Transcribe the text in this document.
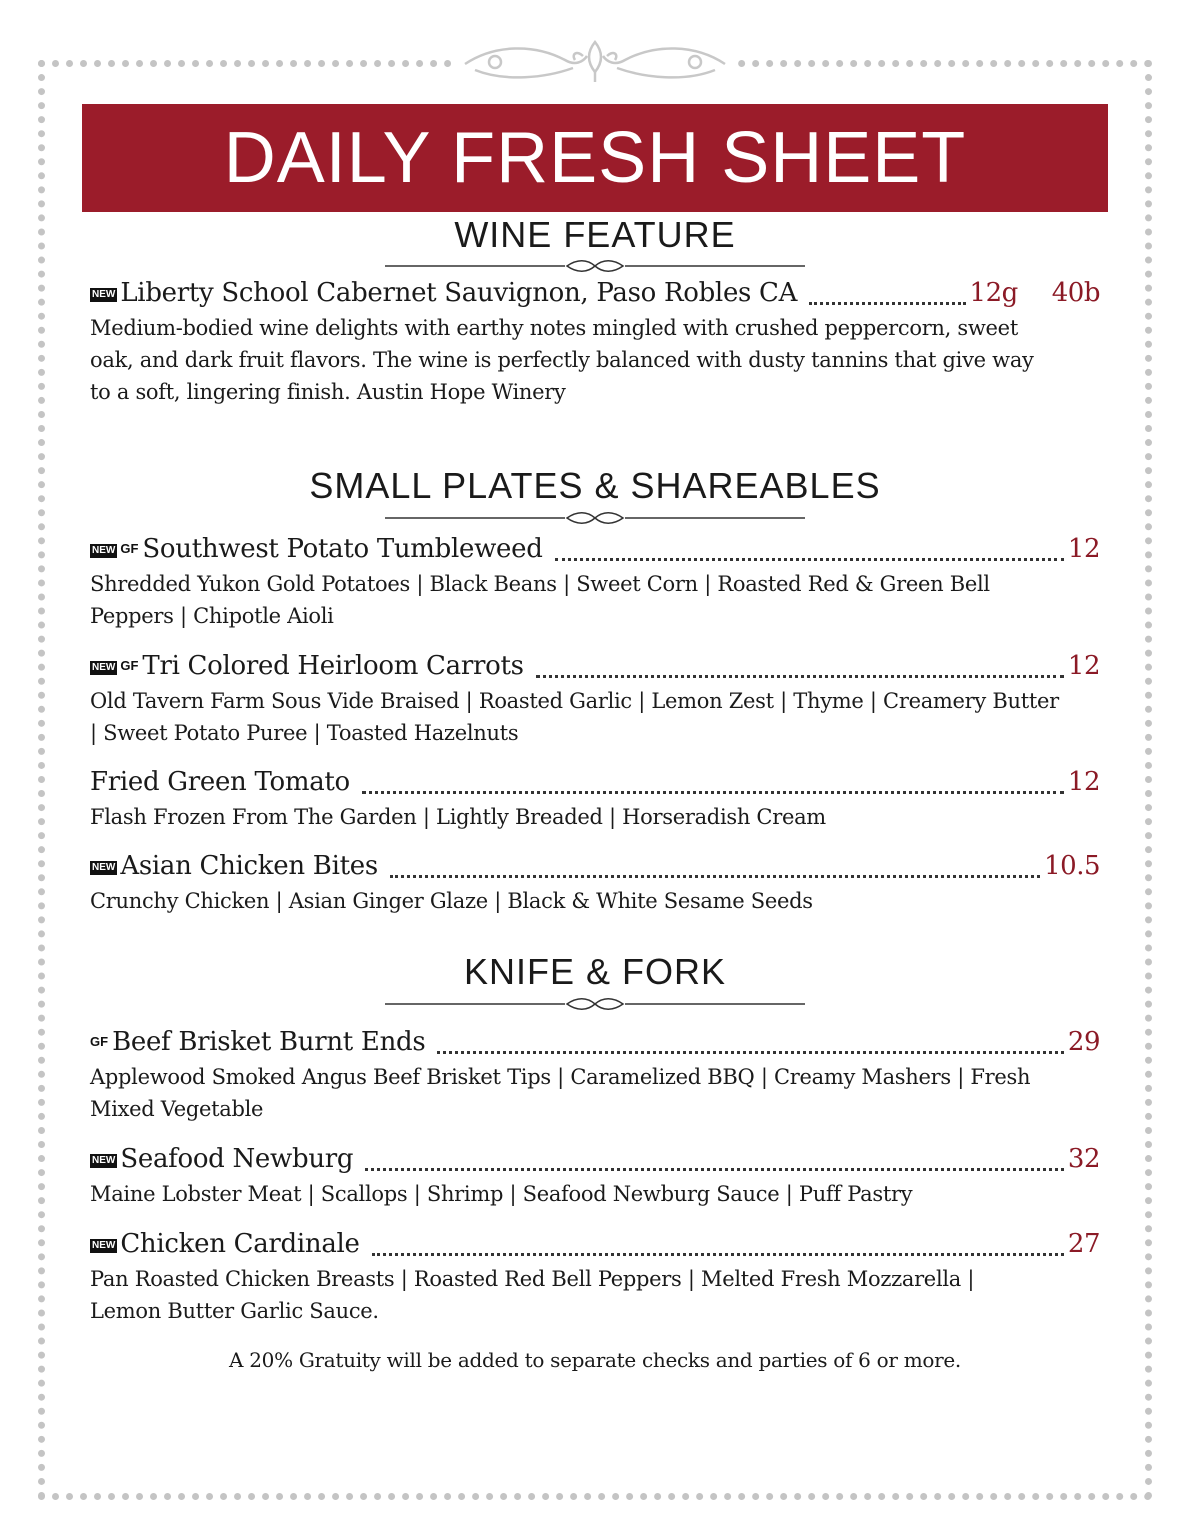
DAILY FRESH SHEET
WINE FEATURE
NEW Liberty School Cabernet Sauvignon, Paso Robles CA	12g 40b
Medium-bodied wine delights with earthy notes mingled with crushed peppercorn, sweet oak, and dark fruit flavors. The wine is perfectly balanced with dusty tannins that give way to a soft, lingering finish. Austin Hope Winery
SMALL PLATES & SHAREABLES
NEW GF Southwest Potato Tumbleweed	12
Shredded Yukon Gold Potatoes | Black Beans | Sweet Corn | Roasted Red & Green Bell Peppers | Chipotle Aioli
NEW GF Tri Colored Heirloom Carrots	12
Old Tavern Farm Sous Vide Braised | Roasted Garlic | Lemon Zest | Thyme | Creamery Butter | Sweet Potato Puree | Toasted Hazelnuts
Fried Green Tomato	12
Flash Frozen From The Garden | Lightly Breaded | Horseradish Cream
NEW Asian Chicken Bites	10.5
Crunchy Chicken | Asian Ginger Glaze | Black & White Sesame Seeds
KNIFE & FORK
GF Beef Brisket Burnt Ends	29
Applewood Smoked Angus Beef Brisket Tips | Caramelized BBQ | Creamy Mashers | Fresh Mixed Vegetable
NEW Seafood Newburg	32
Maine Lobster Meat | Scallops | Shrimp | Seafood Newburg Sauce | Puff Pastry
NEW Chicken Cardinale	27
Pan Roasted Chicken Breasts | Roasted Red Bell Peppers | Melted Fresh Mozzarella | Lemon Butter Garlic Sauce.
A 20% Gratuity will be added to separate checks and parties of 6 or more.
